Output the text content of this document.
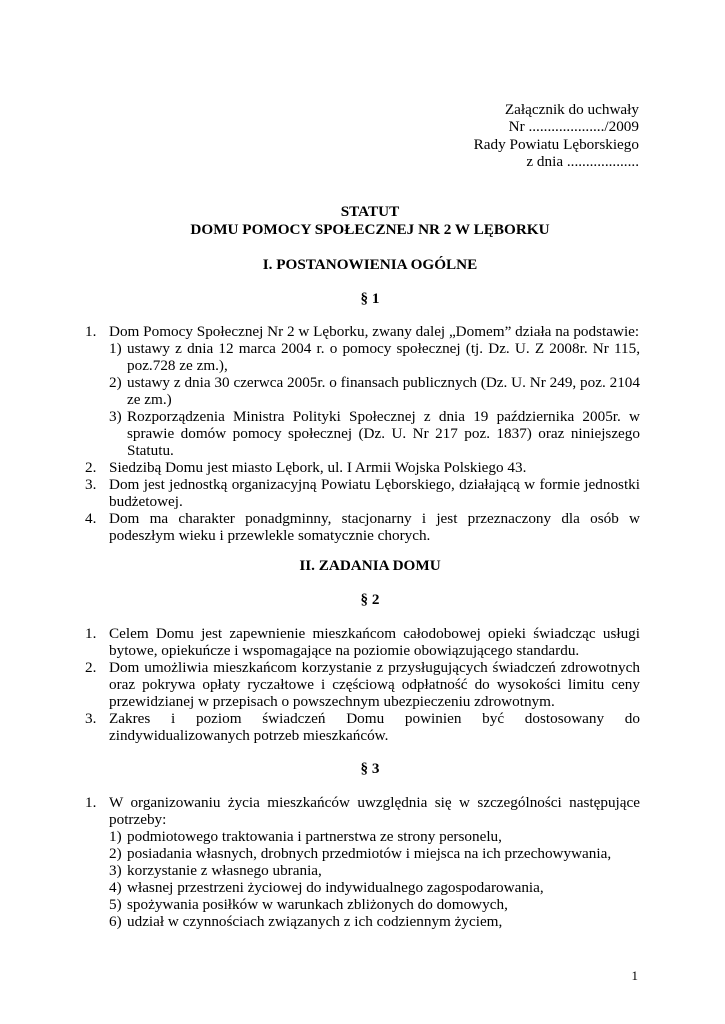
Załącznik do uchwały
Nr ..................../2009
Rady Powiatu Lęborskiego
z dnia ...................
STATUT
DOMU POMOCY SPOŁECZNEJ NR 2 W LĘBORKU
I. POSTANOWIENIA OGÓLNE
§ 1
1. Dom Pomocy Społecznej Nr 2 w Lęborku, zwany dalej „Domem” działa na podstawie:
1) ustawy z dnia 12 marca 2004 r. o pomocy społecznej (tj. Dz. U. Z 2008r. Nr 115, poz.728 ze zm.),
2) ustawy z dnia 30 czerwca 2005r. o finansach publicznych (Dz. U. Nr 249, poz. 2104 ze zm.)
3) Rozporządzenia Ministra Polityki Społecznej z dnia 19 października 2005r. w sprawie domów pomocy społecznej (Dz. U. Nr 217 poz. 1837) oraz niniejszego Statutu.
2. Siedzibą Domu jest miasto Lębork, ul. I Armii Wojska Polskiego 43.
3. Dom jest jednostką organizacyjną Powiatu Lęborskiego, działającą w formie jednostki budżetowej.
4. Dom ma charakter ponadgminny, stacjonarny i jest przeznaczony dla osób w podeszłym wieku i przewlekle somatycznie chorych.
II. ZADANIA DOMU
§ 2
1. Celem Domu jest zapewnienie mieszkańcom całodobowej opieki świadcząc usługi bytowe, opiekuńcze i wspomagające na poziomie obowiązującego standardu.
2. Dom umożliwia mieszkańcom korzystanie z przysługujących świadczeń zdrowotnych oraz pokrywa opłaty ryczałtowe i częściową odpłatność do wysokości limitu ceny przewidzianej w przepisach o powszechnym ubezpieczeniu zdrowotnym.
3. Zakres i poziom świadczeń Domu powinien być dostosowany do zindywidualizowanych potrzeb mieszkańców.
§ 3
1. W organizowaniu życia mieszkańców uwzględnia się w szczególności następujące potrzeby:
1) podmiotowego traktowania i partnerstwa ze strony personelu,
2) posiadania własnych, drobnych przedmiotów i miejsca na ich przechowywania,
3) korzystanie z własnego ubrania,
4) własnej przestrzeni życiowej do indywidualnego zagospodarowania,
5) spożywania posiłków w warunkach zbliżonych do domowych,
6) udział w czynnościach związanych z ich codziennym życiem,
1
